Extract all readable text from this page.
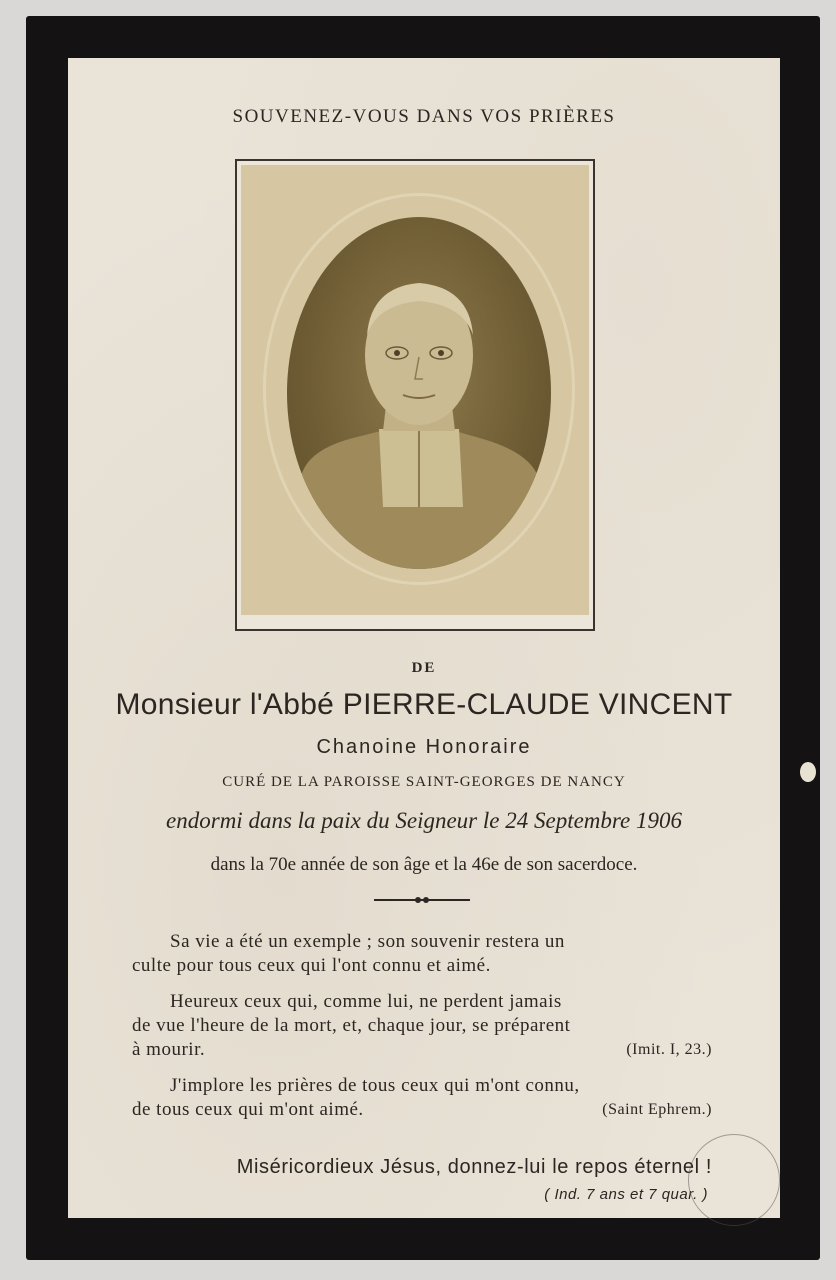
SOUVENEZ-VOUS DANS VOS PRIÈRES
DE
Monsieur l'Abbé PIERRE-CLAUDE VINCENT
Chanoine Honoraire
CURÉ DE LA PAROISSE SAINT-GEORGES DE NANCY
endormi dans la paix du Seigneur le 24 Septembre 1906
dans la 70e année de son âge et la 46e de son sacerdoce.
Sa vie a été un exemple ; son souvenir restera un
culte pour tous ceux qui l'ont connu et aimé.
Heureux ceux qui, comme lui, ne perdent jamais
de vue l'heure de la mort, et, chaque jour, se préparent
à mourir.	(Imit. I, 23.)
J'implore les prières de tous ceux qui m'ont connu,
de tous ceux qui m'ont aimé.	(Saint Ephrem.)
Miséricordieux Jésus, donnez-lui le repos éternel !
( Ind. 7 ans et 7 quar. )
